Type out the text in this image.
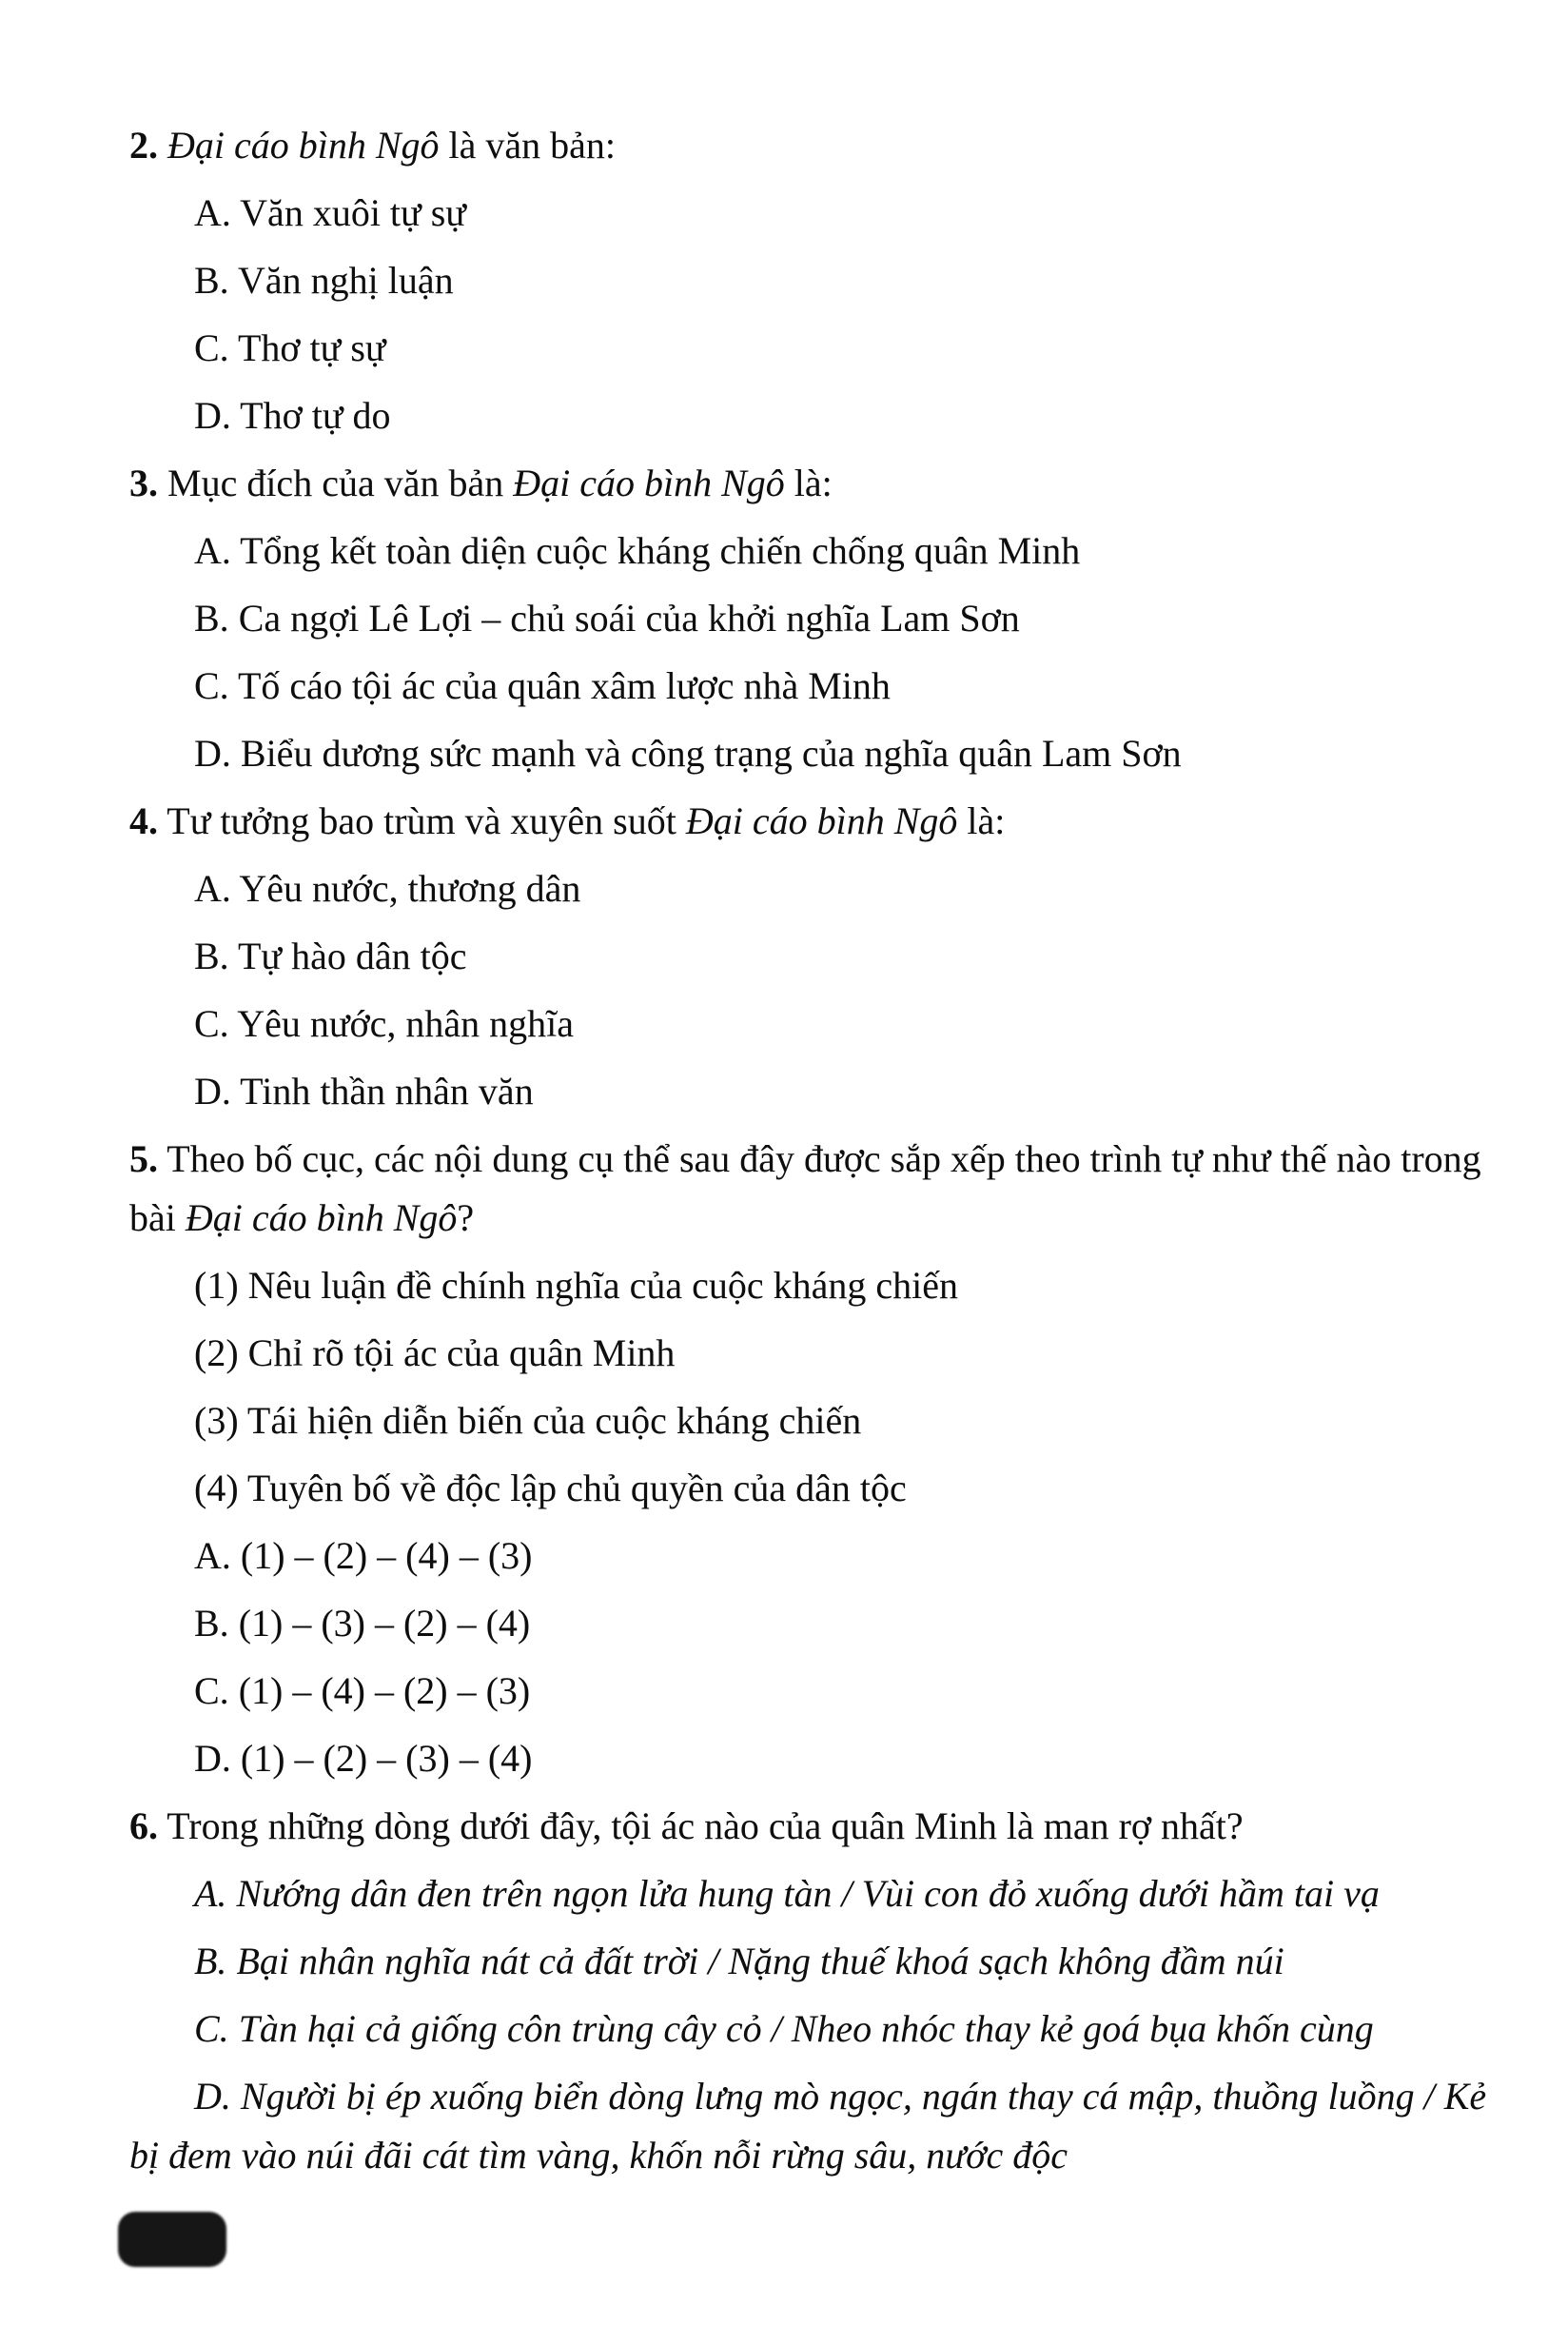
2. Đại cáo bình Ngô là văn bản:

A. Văn xuôi tự sự

B. Văn nghị luận

C. Thơ tự sự

D. Thơ tự do

3. Mục đích của văn bản Đại cáo bình Ngô là:

A. Tổng kết toàn diện cuộc kháng chiến chống quân Minh

B. Ca ngợi Lê Lợi – chủ soái của khởi nghĩa Lam Sơn

C. Tố cáo tội ác của quân xâm lược nhà Minh

D. Biểu dương sức mạnh và công trạng của nghĩa quân Lam Sơn

4. Tư tưởng bao trùm và xuyên suốt Đại cáo bình Ngô là:

A. Yêu nước, thương dân

B. Tự hào dân tộc

C. Yêu nước, nhân nghĩa

D. Tinh thần nhân văn

5. Theo bố cục, các nội dung cụ thể sau đây được sắp xếp theo trình tự như thế nào trong bài Đại cáo bình Ngô?

(1) Nêu luận đề chính nghĩa của cuộc kháng chiến

(2) Chỉ rõ tội ác của quân Minh

(3) Tái hiện diễn biến của cuộc kháng chiến

(4) Tuyên bố về độc lập chủ quyền của dân tộc

A. (1) – (2) – (4) – (3)

B. (1) – (3) – (2) – (4)

C. (1) – (4) – (2) – (3)

D. (1) – (2) – (3) – (4)

6. Trong những dòng dưới đây, tội ác nào của quân Minh là man rợ nhất?

A. Nướng dân đen trên ngọn lửa hung tàn / Vùi con đỏ xuống dưới hầm tai vạ

B. Bại nhân nghĩa nát cả đất trời / Nặng thuế khoá sạch không đầm núi

C. Tàn hại cả giống côn trùng cây cỏ / Nheo nhóc thay kẻ goá bụa khốn cùng

D. Người bị ép xuống biển dòng lưng mò ngọc, ngán thay cá mập, thuồng luồng / Kẻ bị đem vào núi đãi cát tìm vàng, khốn nỗi rừng sâu, nước độc
